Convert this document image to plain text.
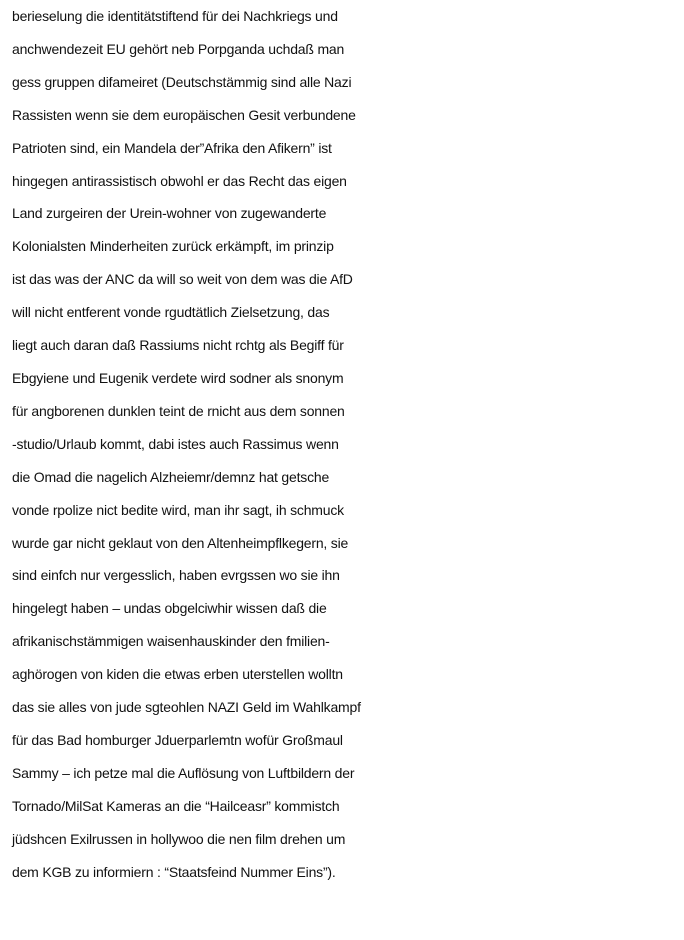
berieselung die identitätstiftend für dei Nachkriegs und
anchwendezeit EU gehört neb Porpganda uchdaß man
gess gruppen difameiret (Deutschstämmig sind alle Nazi
Rassisten wenn sie dem europäischen Gesit verbundene
Patrioten sind, ein Mandela der”Afrika den Afikern” ist
hingegen antirassistisch obwohl er das Recht das eigen
Land zurgeiren der Urein-wohner von zugewanderte
Kolonialsten Minderheiten zurück erkämpft, im prinzip
ist das was der ANC da will so weit von dem was die AfD
will nicht entferent vonde rgudtätlich Zielsetzung, das
liegt auch daran daß Rassiums nicht rchtg als Begiff für
Ebgyiene und Eugenik verdete wird sodner als snonym
für angborenen dunklen teint de rnicht aus dem sonnen
-studio/Urlaub kommt, dabi istes auch Rassimus wenn
die Omad die nagelich Alzheiemr/demnz hat getsche
vonde rpolize nict bedite wird, man ihr sagt, ih schmuck
wurde gar nicht geklaut von den Altenheimpflkegern, sie
sind einfch nur vergesslich, haben evrgssen wo sie ihn
hingelegt haben – undas obgelciwhir wissen daß die
afrikanischstämmigen waisenhauskinder den fmilien-
aghörogen von kiden die etwas erben uterstellen wolltn
das sie alles von jude sgteohlen NAZI Geld im Wahlkampf
für das Bad homburger Jduerparlemtn wofür Großmaul
Sammy – ich petze mal die Auflösung von Luftbildern der
Tornado/MilSat Kameras an die “Hailceasr” kommistch
jüdshcen Exilrussen in hollywoo die nen film drehen um
dem KGB zu informiern : “Staatsfeind Nummer Eins”).
